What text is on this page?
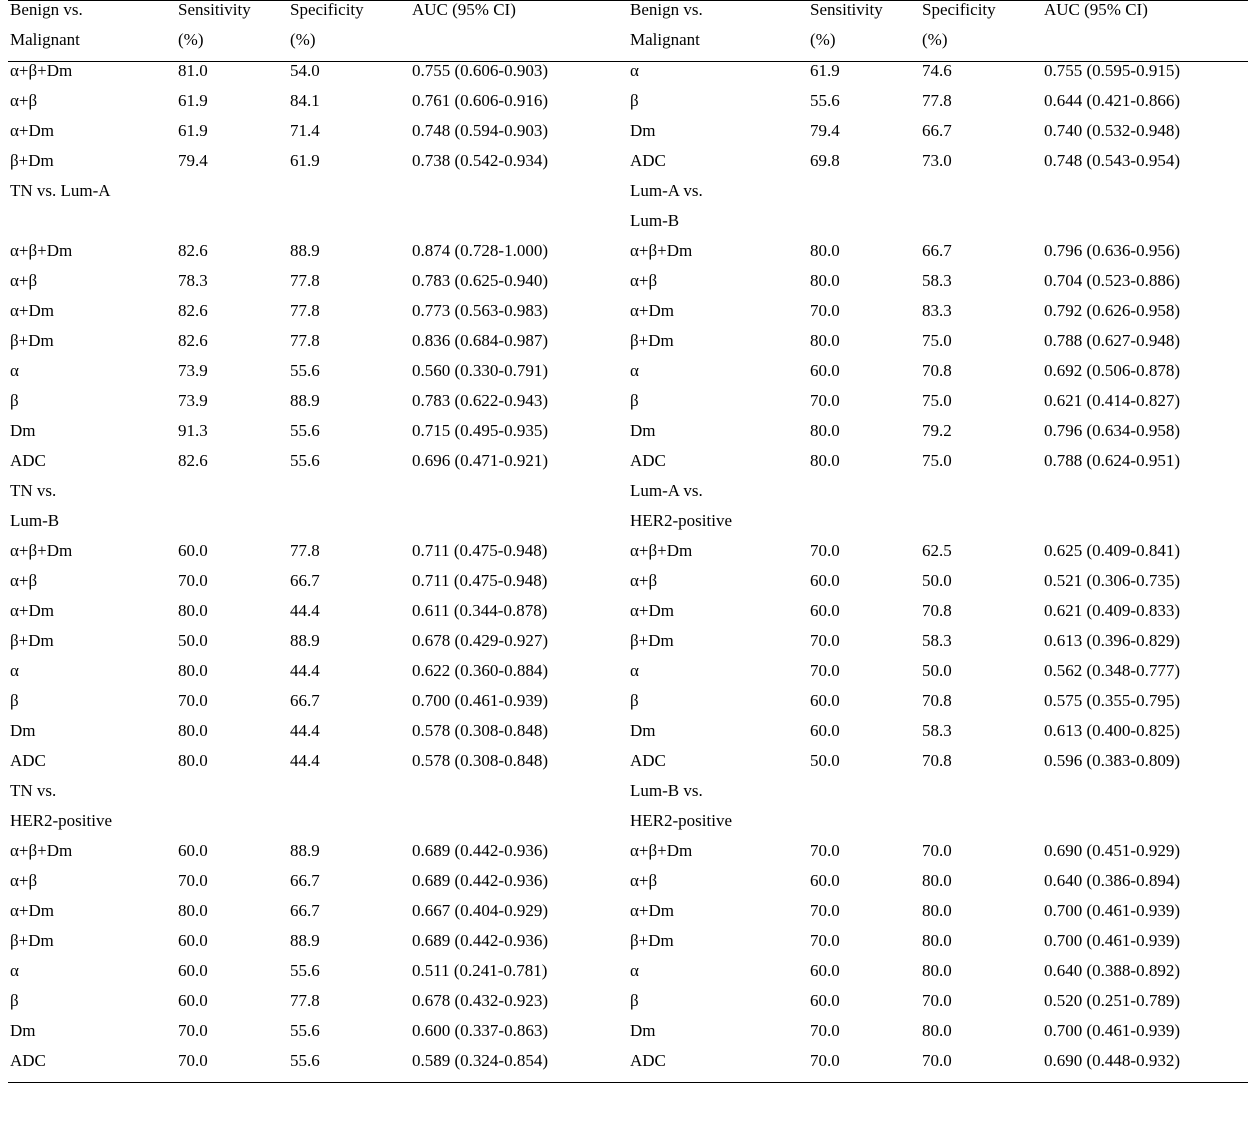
Benign vs.	Sensitivity	Specificity	AUC (95% CI)	Benign vs.	Sensitivity	Specificity	AUC (95% CI)
Malignant	(%)	(%)		Malignant	(%)	(%)	
α+β+Dm	81.0	54.0	0.755 (0.606-0.903)	α	61.9	74.6	0.755 (0.595-0.915)
α+β	61.9	84.1	0.761 (0.606-0.916)	β	55.6	77.8	0.644 (0.421-0.866)
α+Dm	61.9	71.4	0.748 (0.594-0.903)	Dm	79.4	66.7	0.740 (0.532-0.948)
β+Dm	79.4	61.9	0.738 (0.542-0.934)	ADC	69.8	73.0	0.748 (0.543-0.954)
TN vs. Lum-A				Lum-A vs.			
				Lum-B			
α+β+Dm	82.6	88.9	0.874 (0.728-1.000)	α+β+Dm	80.0	66.7	0.796 (0.636-0.956)
α+β	78.3	77.8	0.783 (0.625-0.940)	α+β	80.0	58.3	0.704 (0.523-0.886)
α+Dm	82.6	77.8	0.773 (0.563-0.983)	α+Dm	70.0	83.3	0.792 (0.626-0.958)
β+Dm	82.6	77.8	0.836 (0.684-0.987)	β+Dm	80.0	75.0	0.788 (0.627-0.948)
α	73.9	55.6	0.560 (0.330-0.791)	α	60.0	70.8	0.692 (0.506-0.878)
β	73.9	88.9	0.783 (0.622-0.943)	β	70.0	75.0	0.621 (0.414-0.827)
Dm	91.3	55.6	0.715 (0.495-0.935)	Dm	80.0	79.2	0.796 (0.634-0.958)
ADC	82.6	55.6	0.696 (0.471-0.921)	ADC	80.0	75.0	0.788 (0.624-0.951)
TN vs.				Lum-A vs.			
Lum-B				HER2-positive			
α+β+Dm	60.0	77.8	0.711 (0.475-0.948)	α+β+Dm	70.0	62.5	0.625 (0.409-0.841)
α+β	70.0	66.7	0.711 (0.475-0.948)	α+β	60.0	50.0	0.521 (0.306-0.735)
α+Dm	80.0	44.4	0.611 (0.344-0.878)	α+Dm	60.0	70.8	0.621 (0.409-0.833)
β+Dm	50.0	88.9	0.678 (0.429-0.927)	β+Dm	70.0	58.3	0.613 (0.396-0.829)
α	80.0	44.4	0.622 (0.360-0.884)	α	70.0	50.0	0.562 (0.348-0.777)
β	70.0	66.7	0.700 (0.461-0.939)	β	60.0	70.8	0.575 (0.355-0.795)
Dm	80.0	44.4	0.578 (0.308-0.848)	Dm	60.0	58.3	0.613 (0.400-0.825)
ADC	80.0	44.4	0.578 (0.308-0.848)	ADC	50.0	70.8	0.596 (0.383-0.809)
TN vs.				Lum-B vs.			
HER2-positive				HER2-positive			
α+β+Dm	60.0	88.9	0.689 (0.442-0.936)	α+β+Dm	70.0	70.0	0.690 (0.451-0.929)
α+β	70.0	66.7	0.689 (0.442-0.936)	α+β	60.0	80.0	0.640 (0.386-0.894)
α+Dm	80.0	66.7	0.667 (0.404-0.929)	α+Dm	70.0	80.0	0.700 (0.461-0.939)
β+Dm	60.0	88.9	0.689 (0.442-0.936)	β+Dm	70.0	80.0	0.700 (0.461-0.939)
α	60.0	55.6	0.511 (0.241-0.781)	α	60.0	80.0	0.640 (0.388-0.892)
β	60.0	77.8	0.678 (0.432-0.923)	β	60.0	70.0	0.520 (0.251-0.789)
Dm	70.0	55.6	0.600 (0.337-0.863)	Dm	70.0	80.0	0.700 (0.461-0.939)
ADC	70.0	55.6	0.589 (0.324-0.854)	ADC	70.0	70.0	0.690 (0.448-0.932)
